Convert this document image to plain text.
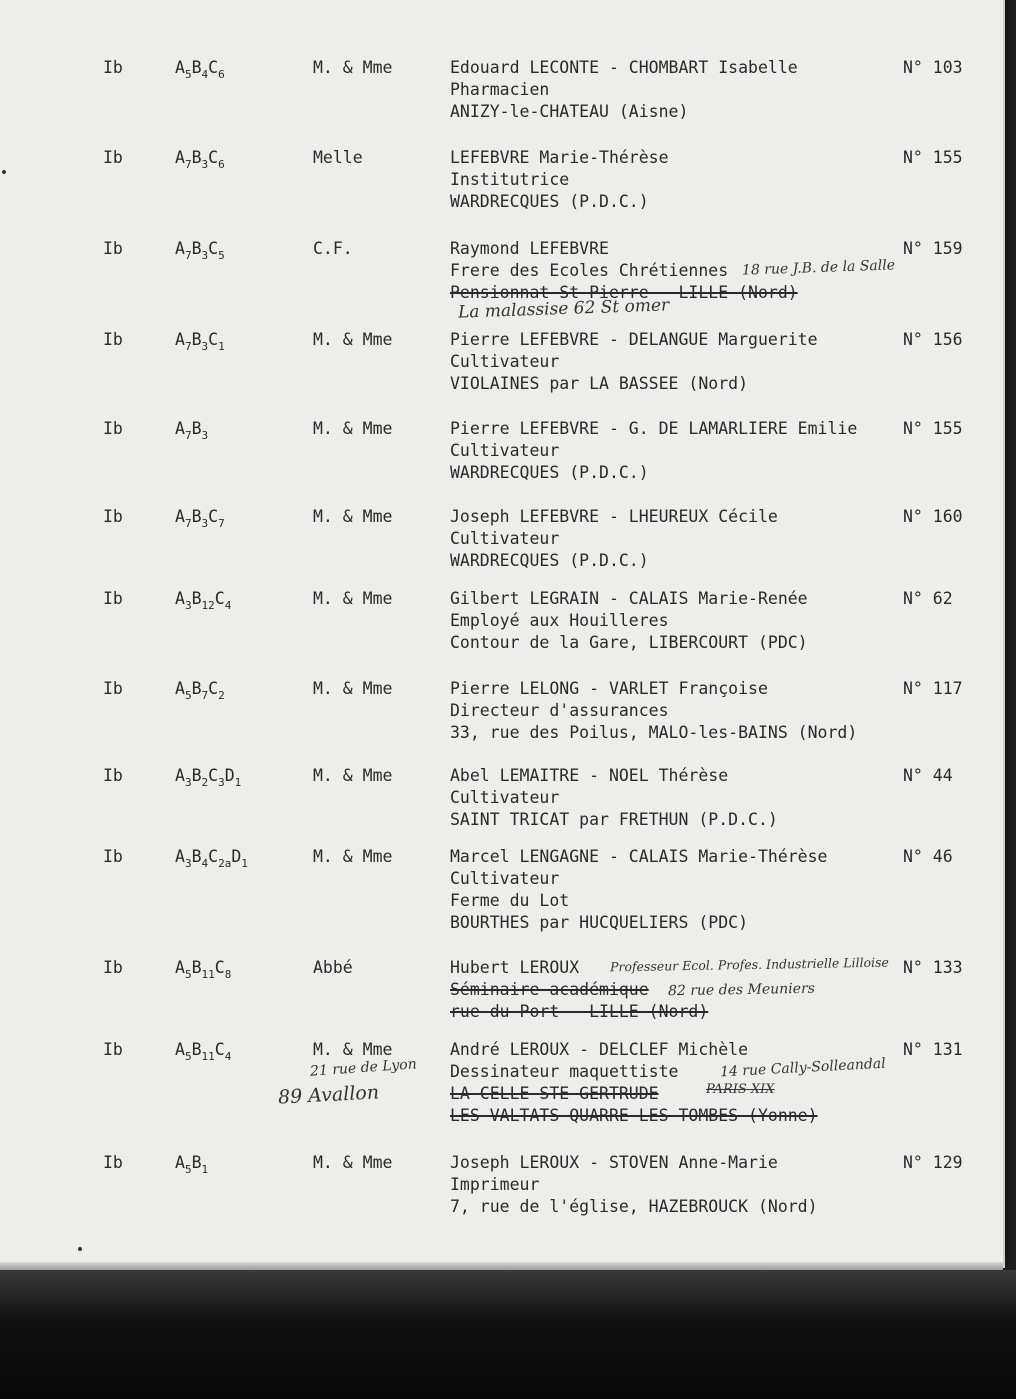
Ib	$A_5B_4C_6$	M. & Mme	Edouard LECONTE - CHOMBART Isabelle
Pharmacien
ANIZY-le-CHATEAU (Aisne)
N° 103
Ib	$A_7B_3C_6$	Melle	LEFEBVRE Marie-Thérèse
Institutrice
WARDRECQUES (P.D.C.)
N° 155
Ib	$A_7B_3C_5$	C.F.	Raymond LEFEBVRE
Frere des Ecoles Chrétiennes
Pensionnat St Pierre - LILLE (Nord)
N° 159
Ib	$A_7B_3C_1$	M. & Mme	Pierre LEFEBVRE - DELANGUE Marguerite
Cultivateur
VIOLAINES par LA BASSEE (Nord)
N° 156
Ib	$A_7B_3$	M. & Mme	Pierre LEFEBVRE - G. DE LAMARLIERE Emilie
Cultivateur
WARDRECQUES (P.D.C.)
N° 155
Ib	$A_7B_3C_7$	M. & Mme	Joseph LEFEBVRE - LHEUREUX Cécile
Cultivateur
WARDRECQUES (P.D.C.)
N° 160
Ib	$A_3B_{12}C_4$	M. & Mme	Gilbert LEGRAIN - CALAIS Marie-Renée
Employé aux Houilleres
Contour de la Gare, LIBERCOURT (PDC)
N° 62
Ib	$A_5B_7C_2$	M. & Mme	Pierre LELONG - VARLET Françoise
Directeur d'assurances
33, rue des Poilus, MALO-les-BAINS (Nord)
N° 117
Ib	$A_3B_2C_3D_1$	M. & Mme	Abel LEMAITRE - NOEL Thérèse
Cultivateur
SAINT TRICAT par FRETHUN (P.D.C.)
N° 44
Ib	$A_3B_4C_{2a}D_1$	M. & Mme	Marcel LENGAGNE - CALAIS Marie-Thérèse
Cultivateur
Ferme du Lot
BOURTHES par HUCQUELIERS (PDC)
N° 46
Ib	$A_5B_{11}C_8$	Abbé	Hubert LEROUX
Séminaire académique
rue du Port - LILLE (Nord)
N° 133
Ib	$A_5B_{11}C_4$	M. & Mme	André LEROUX - DELCLEF Michèle
Dessinateur maquettiste
LA CELLE STE GERTRUDE
LES VALTATS QUARRE LES TOMBES (Yonne)
N° 131
Ib	$A_5B_1$	M. & Mme	Joseph LEROUX - STOVEN Anne-Marie
Imprimeur
7, rue de l'église, HAZEBROUCK (Nord)
N° 129
18 rue J.B. de la Salle
La malassise 62 St omer
Professeur Ecol. Profes. Industrielle Lilloise
82 rue des Meuniers
14 rue Cally-Solleandal
21 rue de Lyon
PARIS XIX
89 Avallon
